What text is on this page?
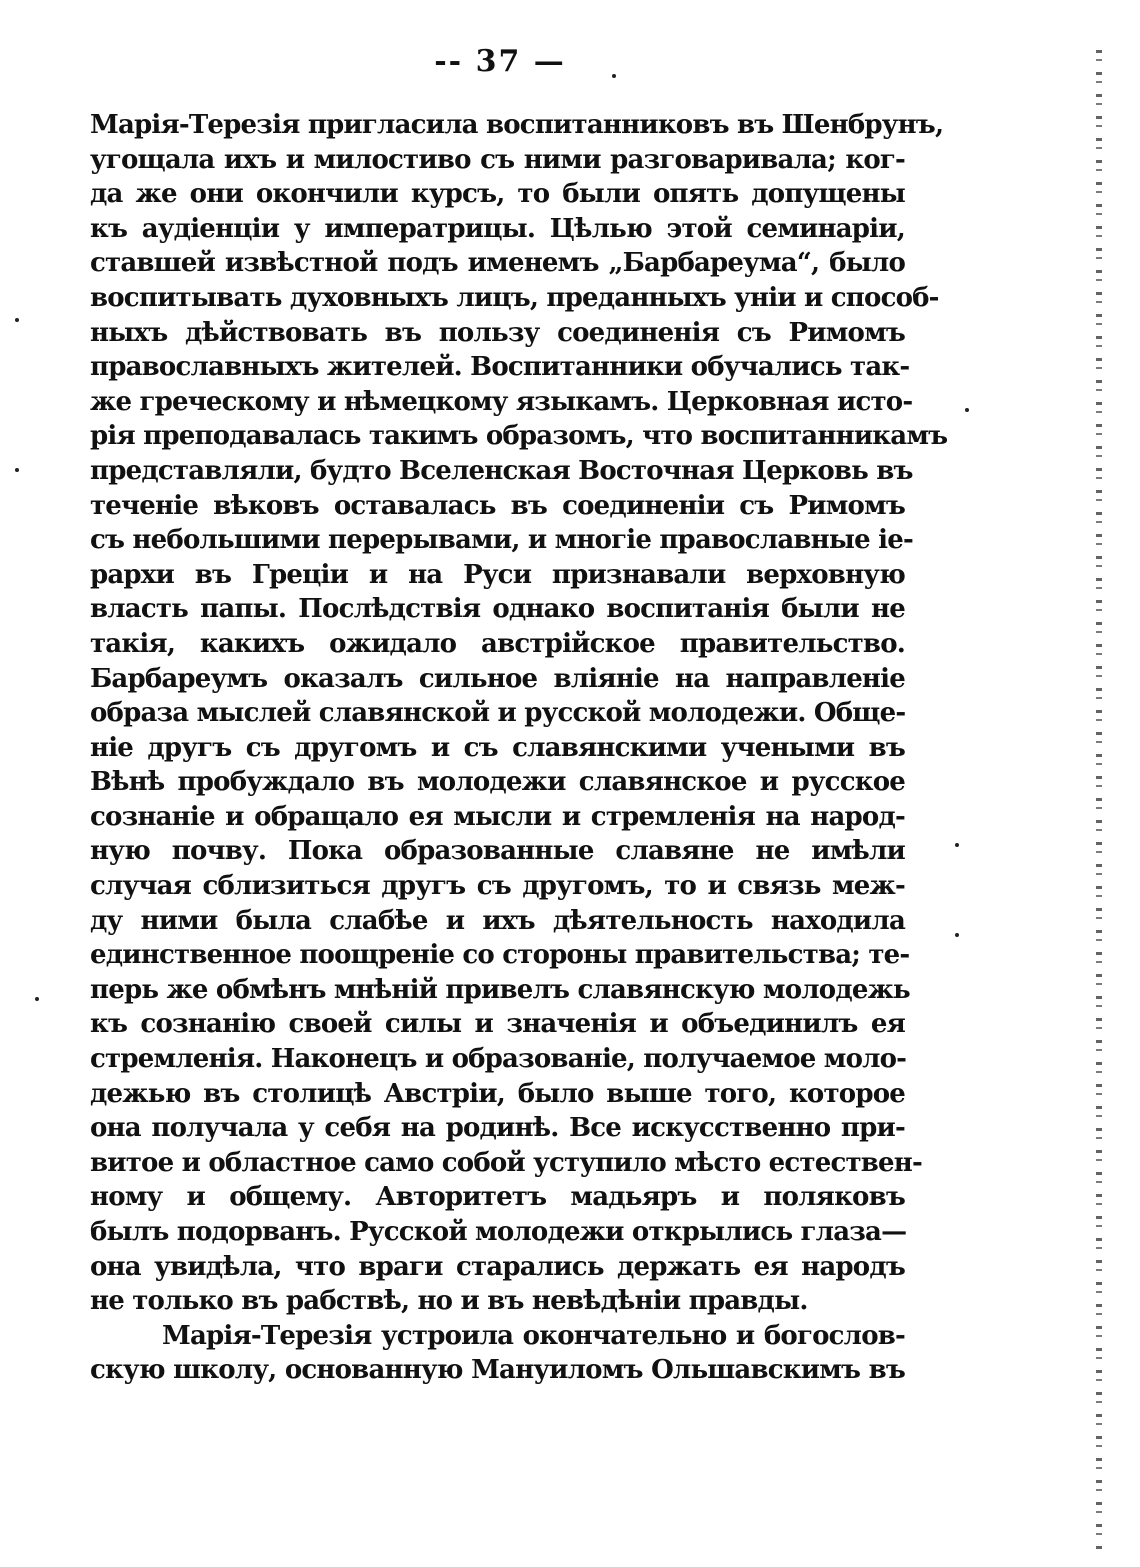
-- 37 —
Марія-Терезія пригласила воспитанниковъ въ Шенбрунъ,
угощала ихъ и милостиво съ ними разговаривала; ког-
да же они окончили курсъ, то были опять допущены
къ аудіенціи у императрицы. Цѣлью этой семинаріи,
ставшей извѣстной подъ именемъ „Барбареума“, было
воспитывать духовныхъ лицъ, преданныхъ уніи и способ-
ныхъ дѣйствовать въ пользу соединенія съ Римомъ
православныхъ жителей. Воспитанники обучались так-
же греческому и нѣмецкому языкамъ. Церковная исто-
рія преподавалась такимъ образомъ, что воспитанникамъ
представляли, будто Вселенская Восточная Церковь въ
теченіе вѣковъ оставалась въ соединеніи съ Римомъ
съ небольшими перерывами, и многіе православные іе-
рархи въ Греціи и на Руси признавали верховную
власть папы. Послѣдствія однако воспитанія были не
такія, какихъ ожидало австрійское правительство.
Барбареумъ оказалъ сильное вліяніе на направленіе
образа мыслей славянской и русской молодежи. Обще-
ніе другъ съ другомъ и съ славянскими учеными въ
Вѣнѣ пробуждало въ молодежи славянское и русское
сознаніе и обращало ея мысли и стремленія на народ-
ную почву. Пока образованные славяне не имѣли
случая сблизиться другъ съ другомъ, то и связь меж-
ду ними была слабѣе и ихъ дѣятельность находила
единственное поощреніе со стороны правительства; те-
перь же обмѣнъ мнѣній привелъ славянскую молодежь
къ сознанію своей силы и значенія и объединилъ ея
стремленія. Наконецъ и образованіе, получаемое моло-
дежью въ столицѣ Австріи, было выше того, которое
она получала у себя на родинѣ. Все искусственно при-
витое и областное само собой уступило мѣсто естествен-
ному и общему. Авторитетъ мадьяръ и поляковъ
былъ подорванъ. Русской молодежи открылись глаза—
она увидѣла, что враги старались держать ея народъ
не только въ рабствѣ, но и въ невѣдѣніи правды.
Марія-Терезія устроила окончательно и богослов-
скую школу, основанную Мануиломъ Ольшавскимъ въ
